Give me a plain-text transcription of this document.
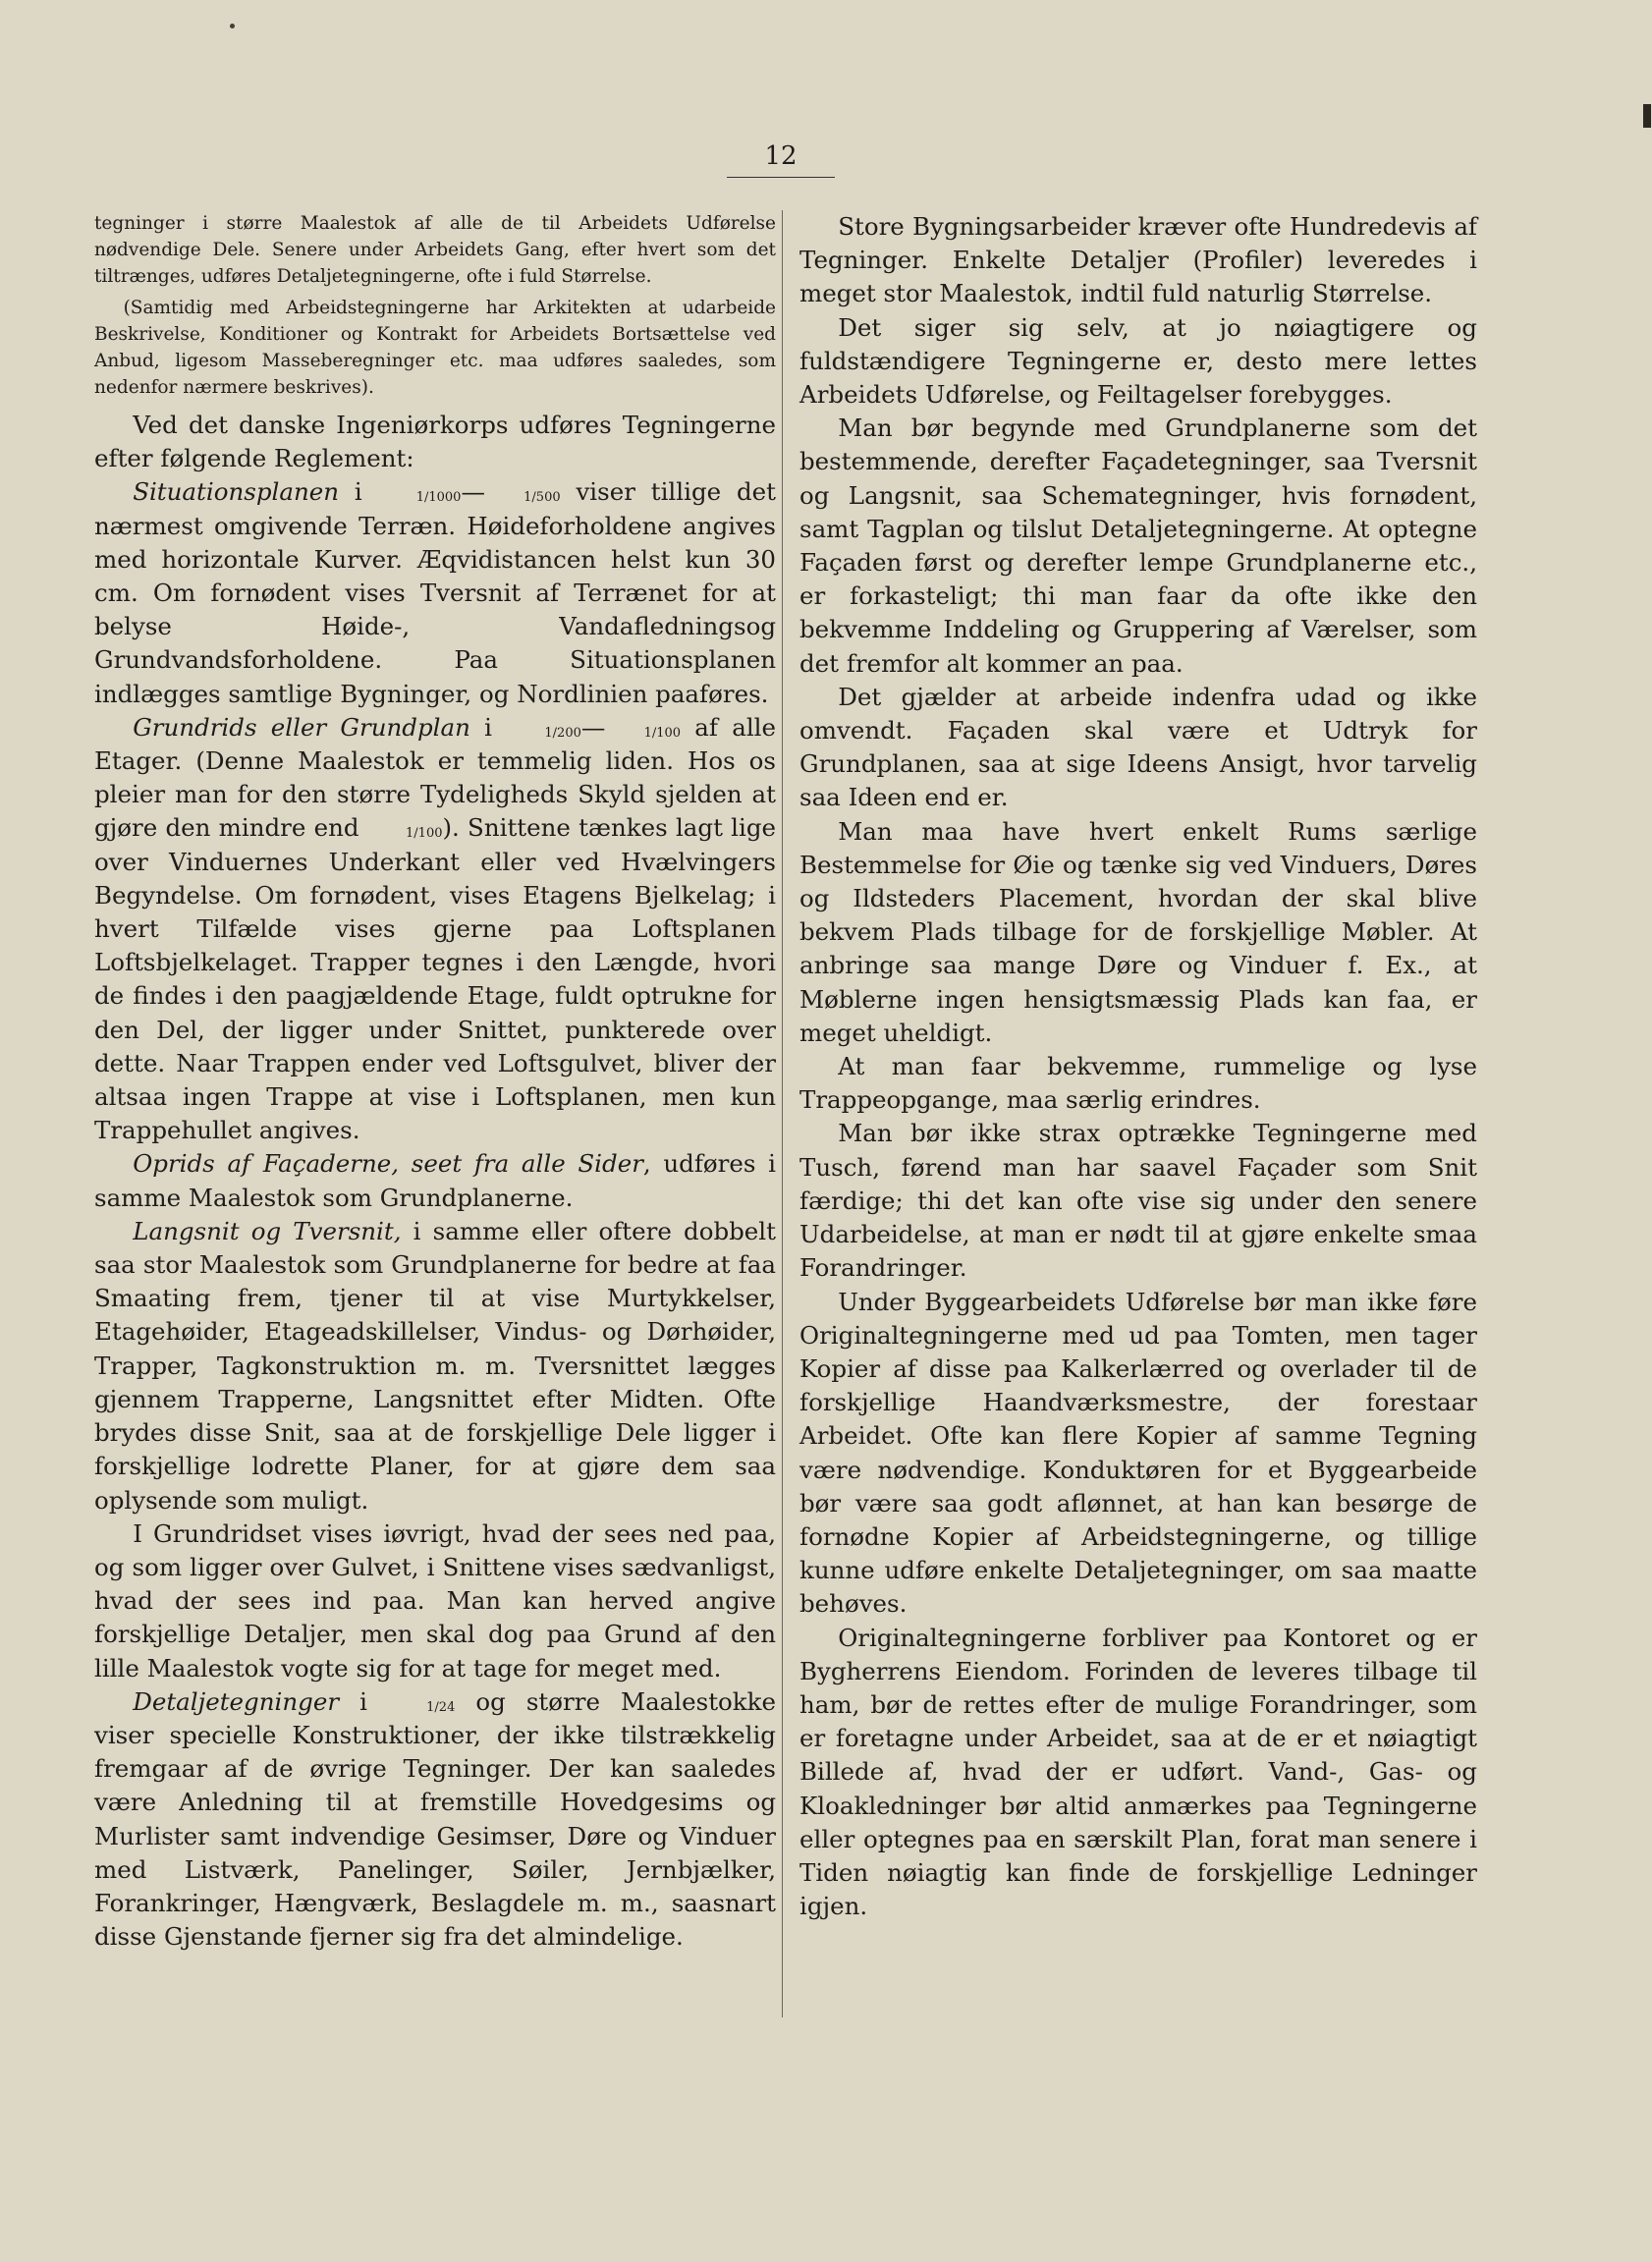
12

tegninger i større Maalestok af alle de til Arbeidets Udførelse nødvendige Dele. Senere under Arbeidets Gang, efter hvert som det tiltrænges, udføres Detaljetegningerne, ofte i fuld Størrelse.

(Samtidig med Arbeidstegningerne har Arkitekten at udarbeide Beskrivelse, Konditioner og Kontrakt for Arbeidets Bortsættelse ved Anbud, ligesom Masseberegninger etc. maa udføres saaledes, som nedenfor nærmere beskrives).

Ved det danske Ingeniørkorps udføres Tegningerne efter følgende Reglement:

Situationsplanen i	1/1000—	1/500 viser tillige det nærmest omgivende Terræn. Høideforholdene angives med horizontale Kurver. Æqvidistancen helst kun 30 cm. Om fornødent vises Tversnit af Terrænet for at belyse Høide-, Vandafledningsog Grundvandsforholdene. Paa Situationsplanen indlægges samtlige Bygninger, og Nordlinien paaføres.

Grundrids eller Grundplan i	1/200—	1/100 af alle Etager. (Denne Maalestok er temmelig liden. Hos os pleier man for den større Tydeligheds Skyld sjelden at gjøre den mindre end	1/100). Snittene tænkes lagt lige over Vinduernes Underkant eller ved Hvælvingers Begyndelse. Om fornødent, vises Etagens Bjelkelag; i hvert Tilfælde vises gjerne paa Loftsplanen Loftsbjelkelaget. Trapper tegnes i den Længde, hvori de findes i den paagjældende Etage, fuldt optrukne for den Del, der ligger under Snittet, punkterede over dette. Naar Trappen ender ved Loftsgulvet, bliver der altsaa ingen Trappe at vise i Loftsplanen, men kun Trappehullet angives.

Oprids af Façaderne, seet fra alle Sider, udføres i samme Maalestok som Grundplanerne.

Langsnit og Tversnit, i samme eller oftere dobbelt saa stor Maalestok som Grundplanerne for bedre at faa Smaating frem, tjener til at vise Murtykkelser, Etagehøider, Etageadskillelser, Vindus- og Dørhøider, Trapper, Tagkonstruktion m. m. Tversnittet lægges gjennem Trapperne, Langsnittet efter Midten. Ofte brydes disse Snit, saa at de forskjellige Dele ligger i forskjellige lodrette Planer, for at gjøre dem saa oplysende som muligt.

I Grundridset vises iøvrigt, hvad der sees ned paa, og som ligger over Gulvet, i Snittene vises sædvanligst, hvad der sees ind paa. Man kan herved angive forskjellige Detaljer, men skal dog paa Grund af den lille Maalestok vogte sig for at tage for meget med.

Detaljetegninger i	1/24 og større Maalestokke viser specielle Konstruktioner, der ikke tilstrækkelig fremgaar af de øvrige Tegninger. Der kan saaledes være Anledning til at fremstille Hovedgesims og Murlister samt indvendige Gesimser, Døre og Vinduer med Listværk, Panelinger, Søiler, Jernbjælker, Forankringer, Hængværk, Beslagdele m. m., saasnart disse Gjenstande fjerner sig fra det almindelige.

Store Bygningsarbeider kræver ofte Hundredevis af Tegninger. Enkelte Detaljer (Profiler) leveredes i meget stor Maalestok, indtil fuld naturlig Størrelse.

Det siger sig selv, at jo nøiagtigere og fuldstændigere Tegningerne er, desto mere lettes Arbeidets Udførelse, og Feiltagelser forebygges.

Man bør begynde med Grundplanerne som det bestemmende, derefter Façadetegninger, saa Tversnit og Langsnit, saa Schemategninger, hvis fornødent, samt Tagplan og tilslut Detaljetegningerne. At optegne Façaden først og derefter lempe Grundplanerne etc., er forkasteligt; thi man faar da ofte ikke den bekvemme Inddeling og Gruppering af Værelser, som det fremfor alt kommer an paa.

Det gjælder at arbeide indenfra udad og ikke omvendt. Façaden skal være et Udtryk for Grundplanen, saa at sige Ideens Ansigt, hvor tarvelig saa Ideen end er.

Man maa have hvert enkelt Rums særlige Bestemmelse for Øie og tænke sig ved Vinduers, Døres og Ildsteders Placement, hvordan der skal blive bekvem Plads tilbage for de forskjellige Møbler. At anbringe saa mange Døre og Vinduer f. Ex., at Møblerne ingen hensigtsmæssig Plads kan faa, er meget uheldigt.

At man faar bekvemme, rummelige og lyse Trappeopgange, maa særlig erindres.

Man bør ikke strax optrække Tegningerne med Tusch, førend man har saavel Façader som Snit færdige; thi det kan ofte vise sig under den senere Udarbeidelse, at man er nødt til at gjøre enkelte smaa Forandringer.

Under Byggearbeidets Udførelse bør man ikke føre Originaltegningerne med ud paa Tomten, men tager Kopier af disse paa Kalkerlærred og overlader til de forskjellige Haandværksmestre, der forestaar Arbeidet. Ofte kan flere Kopier af samme Tegning være nødvendige. Konduktøren for et Byggearbeide bør være saa godt aflønnet, at han kan besørge de fornødne Kopier af Arbeidstegningerne, og tillige kunne udføre enkelte Detaljetegninger, om saa maatte behøves.

Originaltegningerne forbliver paa Kontoret og er Bygherrens Eiendom. Forinden de leveres tilbage til ham, bør de rettes efter de mulige Forandringer, som er foretagne under Arbeidet, saa at de er et nøiagtigt Billede af, hvad der er udført. Vand-, Gas- og Kloakledninger bør altid anmærkes paa Tegningerne eller optegnes paa en særskilt Plan, forat man senere i Tiden nøiagtig kan finde de forskjellige Ledninger igjen.
